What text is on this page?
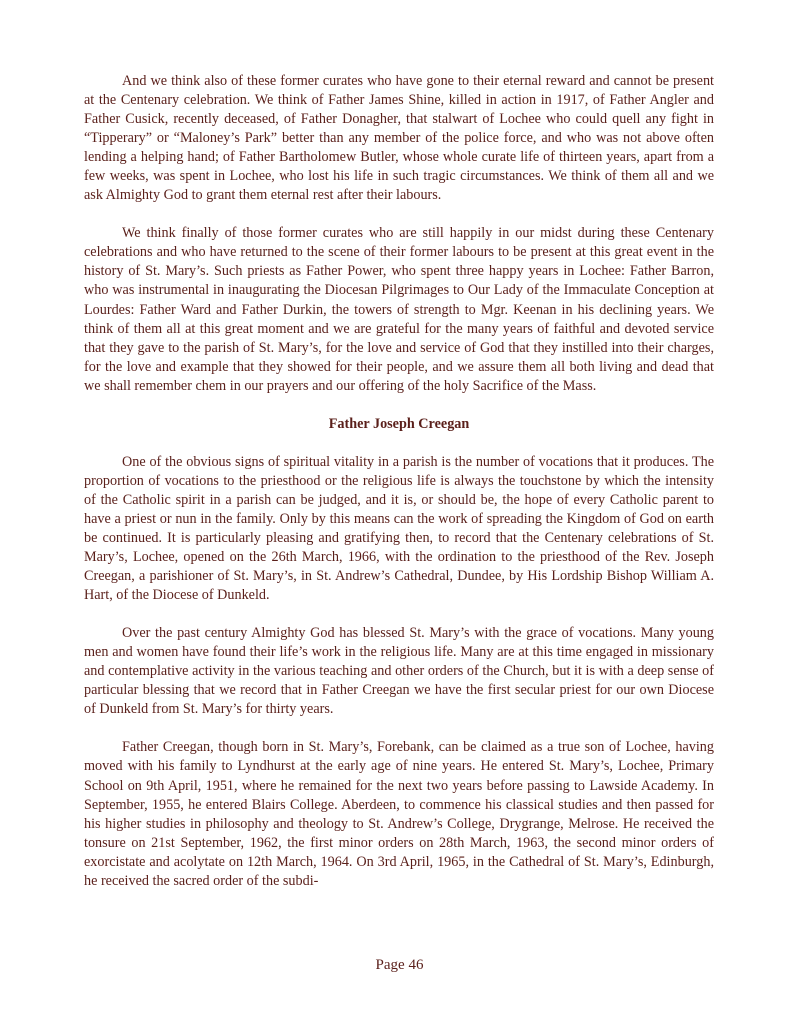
And we think also of these former curates who have gone to their eternal reward and cannot be present at the Centenary celebration. We think of Father James Shine, killed in action in 1917, of Father Angler and Father Cusick, recently deceased, of Father Donagher, that stalwart of Lochee who could quell any fight in “Tipperary” or “Maloney’s Park” better than any member of the police force, and who was not above often lending a helping hand; of Father Bartholomew Butler, whose whole curate life of thirteen years, apart from a few weeks, was spent in Lochee, who lost his life in such tragic circumstances. We think of them all and we ask Almighty God to grant them eternal rest after their labours.

We think finally of those former curates who are still happily in our midst during these Centenary celebrations and who have returned to the scene of their former labours to be present at this great event in the history of St. Mary’s. Such priests as Father Power, who spent three happy years in Lochee: Father Barron, who was instrumental in inaugurating the Diocesan Pilgrimages to Our Lady of the Immaculate Conception at Lourdes: Father Ward and Father Durkin, the towers of strength to Mgr. Keenan in his declining years. We think of them all at this great moment and we are grateful for the many years of faithful and devoted service that they gave to the parish of St. Mary’s, for the love and service of God that they instilled into their charges, for the love and example that they showed for their people, and we assure them all both living and dead that we shall remember chem in our prayers and our offering of the holy Sacrifice of the Mass.

Father Joseph Creegan

One of the obvious signs of spiritual vitality in a parish is the number of vocations that it produces. The proportion of vocations to the priesthood or the religious life is always the touchstone by which the intensity of the Catholic spirit in a parish can be judged, and it is, or should be, the hope of every Catholic parent to have a priest or nun in the family. Only by this means can the work of spreading the Kingdom of God on earth be continued. It is particularly pleasing and gratifying then, to record that the Centenary celebrations of St. Mary’s, Lochee, opened on the 26th March, 1966, with the ordination to the priesthood of the Rev. Joseph Creegan, a parishioner of St. Mary’s, in St. Andrew’s Cathedral, Dundee, by His Lordship Bishop William A. Hart, of the Diocese of Dunkeld.

Over the past century Almighty God has blessed St. Mary’s with the grace of vocations. Many young men and women have found their life’s work in the religious life. Many are at this time engaged in missionary and contemplative activity in the various teaching and other orders of the Church, but it is with a deep sense of particular blessing that we record that in Father Creegan we have the first secular priest for our own Diocese of Dunkeld from St. Mary’s for thirty years.

Father Creegan, though born in St. Mary’s, Forebank, can be claimed as a true son of Lochee, having moved with his family to Lyndhurst at the early age of nine years. He entered St. Mary’s, Lochee, Primary School on 9th April, 1951, where he remained for the next two years before passing to Lawside Academy. In September, 1955, he entered Blairs College. Aberdeen, to commence his classical studies and then passed for his higher studies in philosophy and theology to St. Andrew’s College, Drygrange, Melrose. He received the tonsure on 21st September, 1962, the first minor orders on 28th March, 1963, the second minor orders of exorcistate and acolytate on 12th March, 1964. On 3rd April, 1965, in the Cathedral of St. Mary’s, Edinburgh, he received the sacred order of the subdi-

Page 46
